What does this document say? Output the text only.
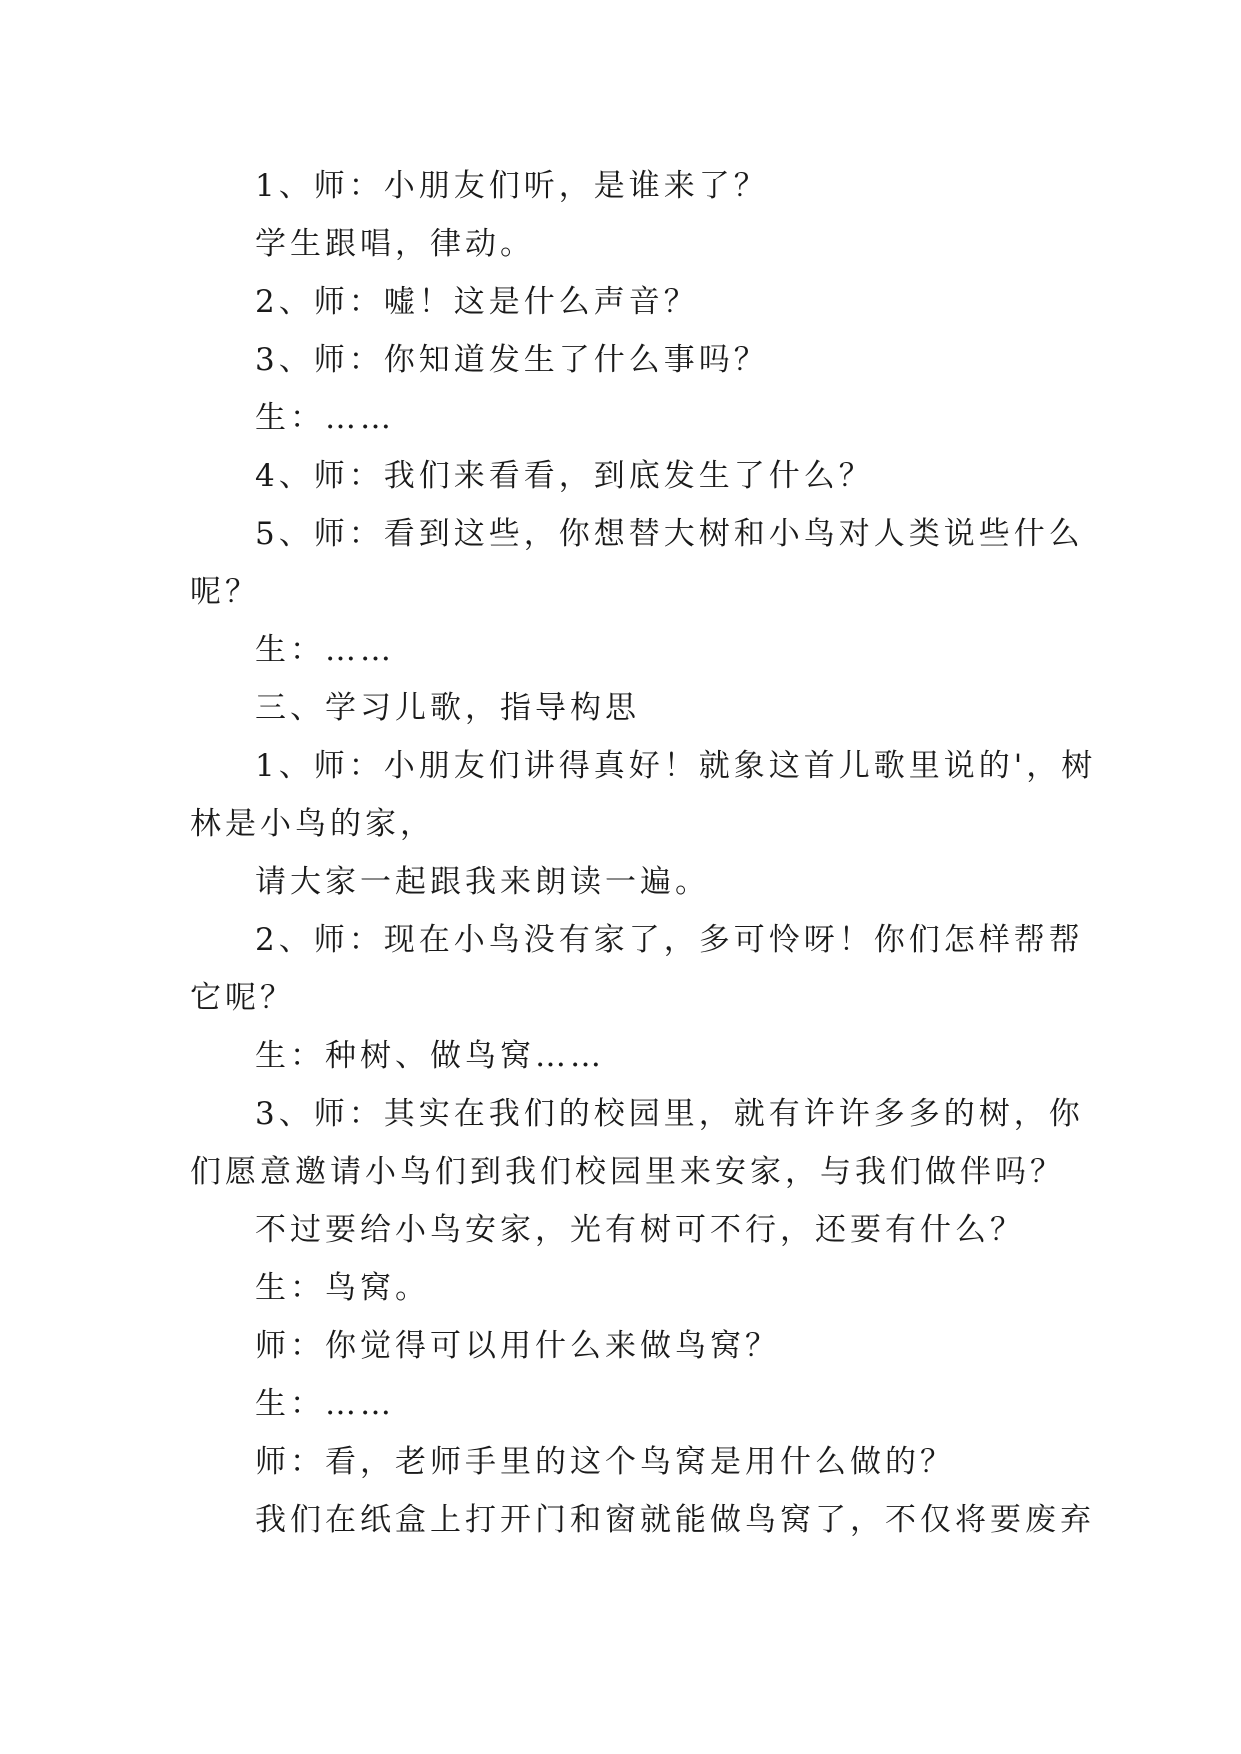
1、师：小朋友们听，是谁来了？
学生跟唱，律动。
2、师：嘘！这是什么声音？
3、师：你知道发生了什么事吗？
生：……
4、师：我们来看看，到底发生了什么？
5、师：看到这些，你想替大树和小鸟对人类说些什么
呢？
生：……
三、学习儿歌，指导构思
1、师：小朋友们讲得真好！就象这首儿歌里说的'，树
林是小鸟的家，
请大家一起跟我来朗读一遍。
2、师：现在小鸟没有家了，多可怜呀！你们怎样帮帮
它呢？
生：种树、做鸟窝……
3、师：其实在我们的校园里，就有许许多多的树，你
们愿意邀请小鸟们到我们校园里来安家，与我们做伴吗？
不过要给小鸟安家，光有树可不行，还要有什么？
生：鸟窝。
师：你觉得可以用什么来做鸟窝？
生：……
师：看，老师手里的这个鸟窝是用什么做的？
我们在纸盒上打开门和窗就能做鸟窝了，不仅将要废弃
